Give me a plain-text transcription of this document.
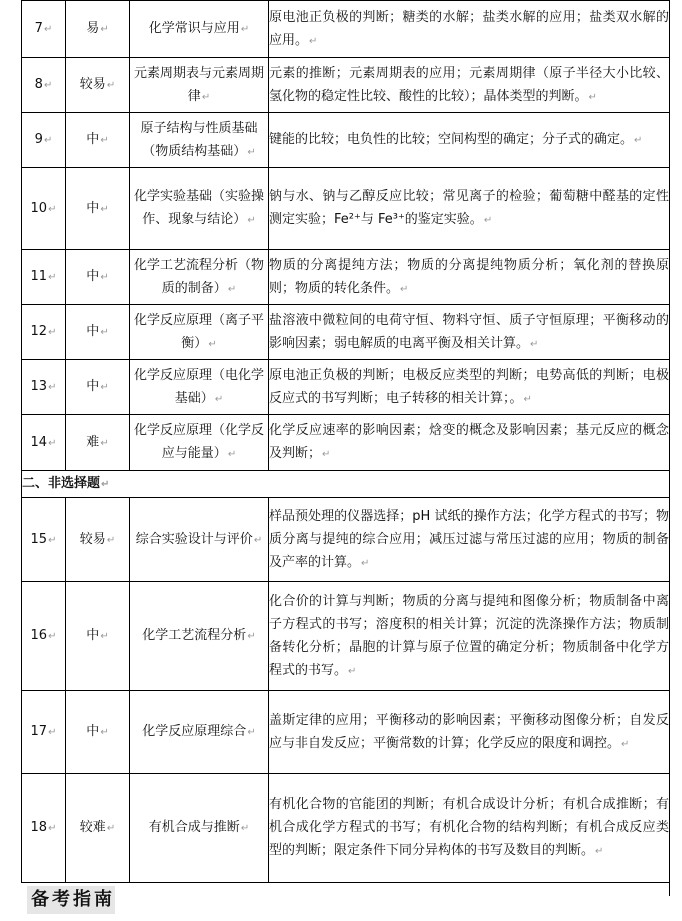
7↵	易↵	化学常识与应用↵	原电池正负极的判断；糖类的水解；盐类水解的应用；盐类双水解的应用。↵
8↵	较易↵	元素周期表与元素周期律↵	元素的推断；元素周期表的应用；元素周期律（原子半径大小比较、氢化物的稳定性比较、酸性的比较）；晶体类型的判断。↵
9↵	中↵	原子结构与性质基础（物质结构基础）↵	键能的比较；电负性的比较；空间构型的确定；分子式的确定。↵
10↵	中↵	化学实验基础（实验操作、现象与结论）↵	钠与水、钠与乙醇反应比较；常见离子的检验；葡萄糖中醛基的定性测定实验；Fe²⁺与 Fe³⁺的鉴定实验。↵
11↵	中↵	化学工艺流程分析（物质的制备）↵	物质的分离提纯方法；物质的分离提纯物质分析；氧化剂的替换原则；物质的转化条件。↵
12↵	中↵	化学反应原理（离子平衡）↵	盐溶液中微粒间的电荷守恒、物料守恒、质子守恒原理；平衡移动的影响因素；弱电解质的电离平衡及相关计算。↵
13↵	中↵	化学反应原理（电化学基础）↵	原电池正负极的判断；电极反应类型的判断；电势高低的判断；电极反应式的书写判断；电子转移的相关计算；。↵
14↵	难↵	化学反应原理（化学反应与能量）↵	化学反应速率的影响因素；焓变的概念及影响因素；基元反应的概念及判断；↵
二、非选择题↵			
15↵	较易↵	综合实验设计与评价↵	样品预处理的仪器选择；pH 试纸的操作方法；化学方程式的书写；物质分离与提纯的综合应用；减压过滤与常压过滤的应用；物质的制备及产率的计算。↵
16↵	中↵	化学工艺流程分析↵	化合价的计算与判断；物质的分离与提纯和图像分析；物质制备中离子方程式的书写；溶度积的相关计算；沉淀的洗涤操作方法；物质制备转化分析；晶胞的计算与原子位置的确定分析；物质制备中化学方程式的书写。↵
17↵	中↵	化学反应原理综合↵	盖斯定律的应用；平衡移动的影响因素；平衡移动图像分析；自发反应与非自发反应；平衡常数的计算；化学反应的限度和调控。↵
18↵	较难↵	有机合成与推断↵	有机化合物的官能团的判断；有机合成设计分析；有机合成推断；有机合成化学方程式的书写；有机化合物的结构判断；有机合成反应类型的判断；限定条件下同分异构体的书写及数目的判断。↵
备考指南
